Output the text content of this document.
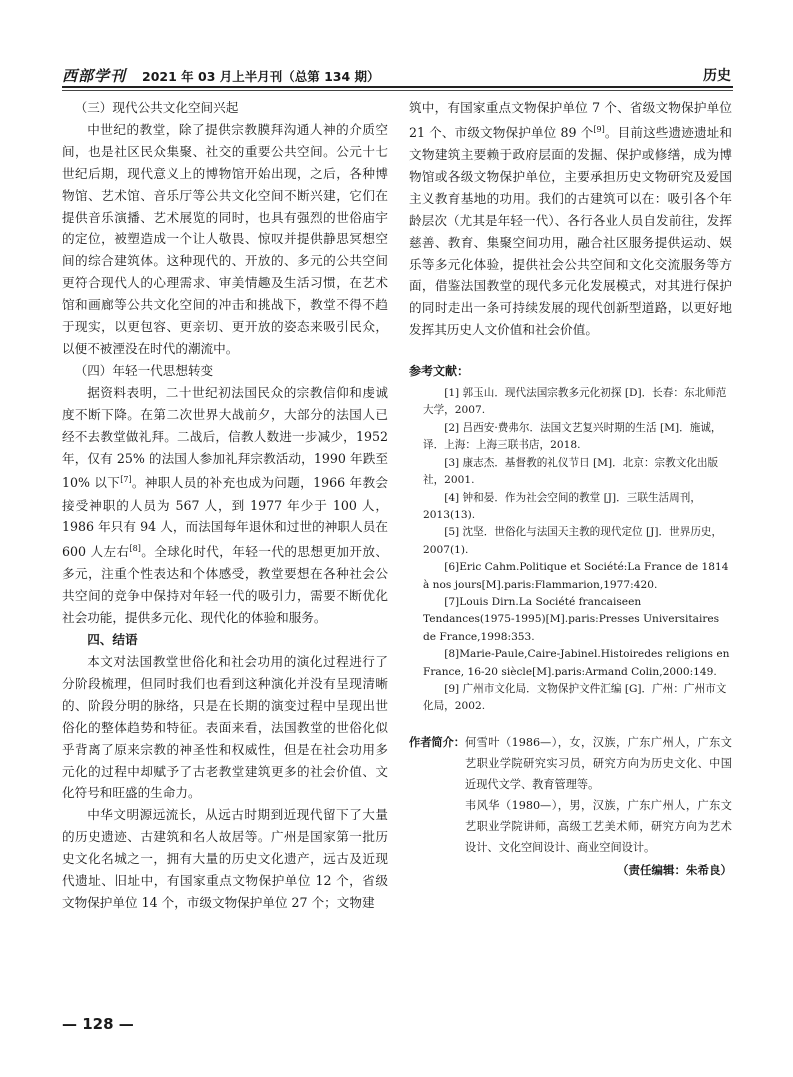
西部学刊 2021 年 03 月上半月刊（总第 134 期）	历史

（三）现代公共文化空间兴起

中世纪的教堂，除了提供宗教膜拜沟通人神的介质空间，也是社区民众集聚、社交的重要公共空间。公元十七世纪后期，现代意义上的博物馆开始出现，之后，各种博物馆、艺术馆、音乐厅等公共文化空间不断兴建，它们在提供音乐演播、艺术展览的同时，也具有强烈的世俗庙宇的定位，被塑造成一个让人敬畏、惊叹并提供静思冥想空间的综合建筑体。这种现代的、开放的、多元的公共空间更符合现代人的心理需求、审美情趣及生活习惯，在艺术馆和画廊等公共文化空间的冲击和挑战下，教堂不得不趋于现实，以更包容、更亲切、更开放的姿态来吸引民众，以便不被湮没在时代的潮流中。

（四）年轻一代思想转变

据资料表明，二十世纪初法国民众的宗教信仰和虔诚度不断下降。在第二次世界大战前夕，大部分的法国人已经不去教堂做礼拜。二战后，信教人数进一步减少，1952 年，仅有 25% 的法国人参加礼拜宗教活动，1990 年跌至 10% 以下[7]。神职人员的补充也成为问题，1966 年教会接受神职的人员为 567 人，到 1977 年少于 100 人，1986 年只有 94 人，而法国每年退休和过世的神职人员在 600 人左右[8]。全球化时代，年轻一代的思想更加开放、多元，注重个性表达和个体感受，教堂要想在各种社会公共空间的竞争中保持对年轻一代的吸引力，需要不断优化社会功能，提供多元化、现代化的体验和服务。

四、结语

本文对法国教堂世俗化和社会功用的演化过程进行了分阶段梳理，但同时我们也看到这种演化并没有呈现清晰的、阶段分明的脉络，只是在长期的演变过程中呈现出世俗化的整体趋势和特征。表面来看，法国教堂的世俗化似乎背离了原来宗教的神圣性和权威性，但是在社会功用多元化的过程中却赋予了古老教堂建筑更多的社会价值、文化符号和旺盛的生命力。

中华文明源远流长，从远古时期到近现代留下了大量的历史遗迹、古建筑和名人故居等。广州是国家第一批历史文化名城之一，拥有大量的历史文化遗产，远古及近现代遗址、旧址中，有国家重点文物保护单位 12 个，省级文物保护单位 14 个，市级文物保护单位 27 个；文物建

筑中，有国家重点文物保护单位 7 个、省级文物保护单位 21 个、市级文物保护单位 89 个[9]。目前这些遗迹遗址和文物建筑主要赖于政府层面的发掘、保护或修缮，成为博物馆或各级文物保护单位，主要承担历史文物研究及爱国主义教育基地的功用。我们的古建筑可以在：吸引各个年龄层次（尤其是年轻一代）、各行各业人员自发前往，发挥慈善、教育、集聚空间功用，融合社区服务提供运动、娱乐等多元化体验，提供社会公共空间和文化交流服务等方面，借鉴法国教堂的现代多元化发展模式，对其进行保护的同时走出一条可持续发展的现代创新型道路，以更好地发挥其历史人文价值和社会价值。

参考文献：

[1] 郭玉山．现代法国宗教多元化初探 [D]．长春：东北师范大学，2007.

[2] 吕西安·费弗尔．法国文艺复兴时期的生活 [M]．施诚，译．上海：上海三联书店，2018.

[3] 康志杰．基督教的礼仪节日 [M]．北京：宗教文化出版社，2001.

[4] 钟和晏．作为社会空间的教堂 [J]．三联生活周刊，2013(13).

[5] 沈坚．世俗化与法国天主教的现代定位 [J]．世界历史，2007(1).

[6]Eric Cahm.Politique et Société:La France de 1814 à nos jours[M].paris:Flammarion,1977:420.

[7]Louis Dirn.La Société francaiseen Tendances(1975-1995)[M].paris:Presses Universitaires de France,1998:353.

[8]Marie-Paule,Caire-Jabinel.Histoiredes religions en France, 16-20 siècle[M].paris:Armand Colin,2000:149.

[9] 广州市文化局．文物保护文件汇编 [G]．广州：广州市文化局，2002.

作者简介： 何雪叶（1986—），女，汉族，广东广州人，广东文艺职业学院研究实习员，研究方向为历史文化、中国近现代文学、教育管理等。

韦风华（1980—），男，汉族，广东广州人，广东文艺职业学院讲师，高级工艺美术师，研究方向为艺术设计、文化空间设计、商业空间设计。

（责任编辑：朱希良）
— 128 —
